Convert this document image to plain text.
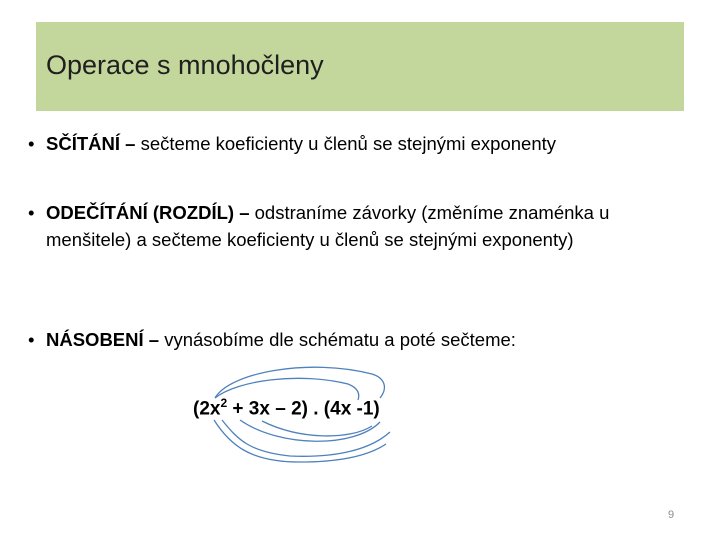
Operace s mnohočleny
• SČÍTÁNÍ – sečteme koeficienty u členů se stejnými exponenty
• ODEČÍTÁNÍ (ROZDÍL) – odstraníme závorky (změníme znaménka u menšitele) a sečteme koeficienty u členů se stejnými exponenty)
• NÁSOBENÍ – vynásobíme dle schématu a poté sečteme:
$(2x^2 + 3x - 2)$ . (4x -1)
9
